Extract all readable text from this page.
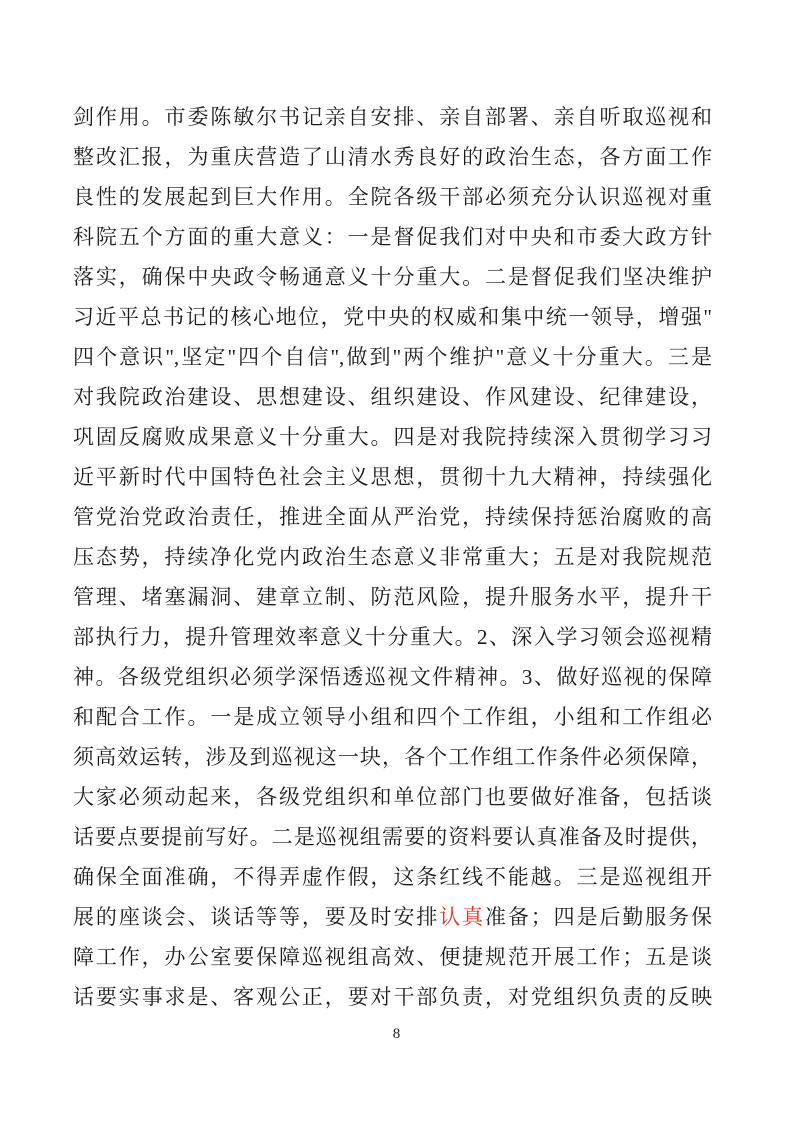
剑作用。市委陈敏尔书记亲自安排、亲自部署、亲自听取巡视和

整改汇报，为重庆营造了山清水秀良好的政治生态，各方面工作

良性的发展起到巨大作用。全院各级干部必须充分认识巡视对重

科院五个方面的重大意义：一是督促我们对中央和市委大政方针

落实，确保中央政令畅通意义十分重大。二是督促我们坚决维护

习近平总书记的核心地位，党中央的权威和集中统一领导，增强"

四个意识",坚定"四个自信",做到"两个维护"意义十分重大。三是

对我院政治建设、思想建设、组织建设、作风建设、纪律建设，

巩固反腐败成果意义十分重大。四是对我院持续深入贯彻学习习

近平新时代中国特色社会主义思想，贯彻十九大精神，持续强化

管党治党政治责任，推进全面从严治党，持续保持惩治腐败的高

压态势，持续净化党内政治生态意义非常重大；五是对我院规范

管理、堵塞漏洞、建章立制、防范风险，提升服务水平，提升干

部执行力，提升管理效率意义十分重大。2、深入学习领会巡视精

神。各级党组织必须学深悟透巡视文件精神。3、做好巡视的保障

和配合工作。一是成立领导小组和四个工作组，小组和工作组必

须高效运转，涉及到巡视这一块，各个工作组工作条件必须保障，

大家必须动起来，各级党组织和单位部门也要做好准备，包括谈

话要点要提前写好。二是巡视组需要的资料要认真准备及时提供，

确保全面准确，不得弄虚作假，这条红线不能越。三是巡视组开

展的座谈会、谈话等等，要及时安排认真准备；四是后勤服务保

障工作，办公室要保障巡视组高效、便捷规范开展工作；五是谈

话要实事求是、客观公正，要对干部负责，对党组织负责的反映

8
